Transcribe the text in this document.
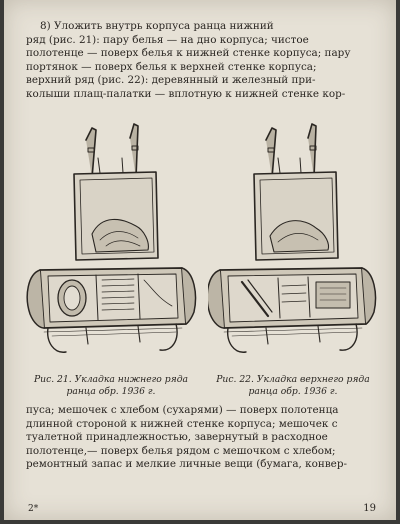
8) Уложить внутрь корпуса ранца нижний
ряд (рис. 21): пару белья — на дно корпуса; чистое
полотенце — поверх белья к нижней стенке корпуса; пару
портянок — поверх белья к верхней стенке корпуса;
верхний ряд (рис. 22): деревянный и железный при-
колыши плащ-палатки — вплотную к нижней стенке кор-
Рис. 21. Укладка нижнего ряда
ранца обр. 1936 г.
Рис. 22. Укладка верхнего ряда
ранца обр. 1936 г.
пуса; мешочек с хлебом (сухарями) — поверх полотенца
длинной стороной к нижней стенке корпуса; мешочек с
туалетной принадлежностью, завернутый в расходное
полотенце,— поверх белья рядом с мешочком с хлебом;
ремонтный запас и мелкие личные вещи (бумага, конвер-
2*	19
